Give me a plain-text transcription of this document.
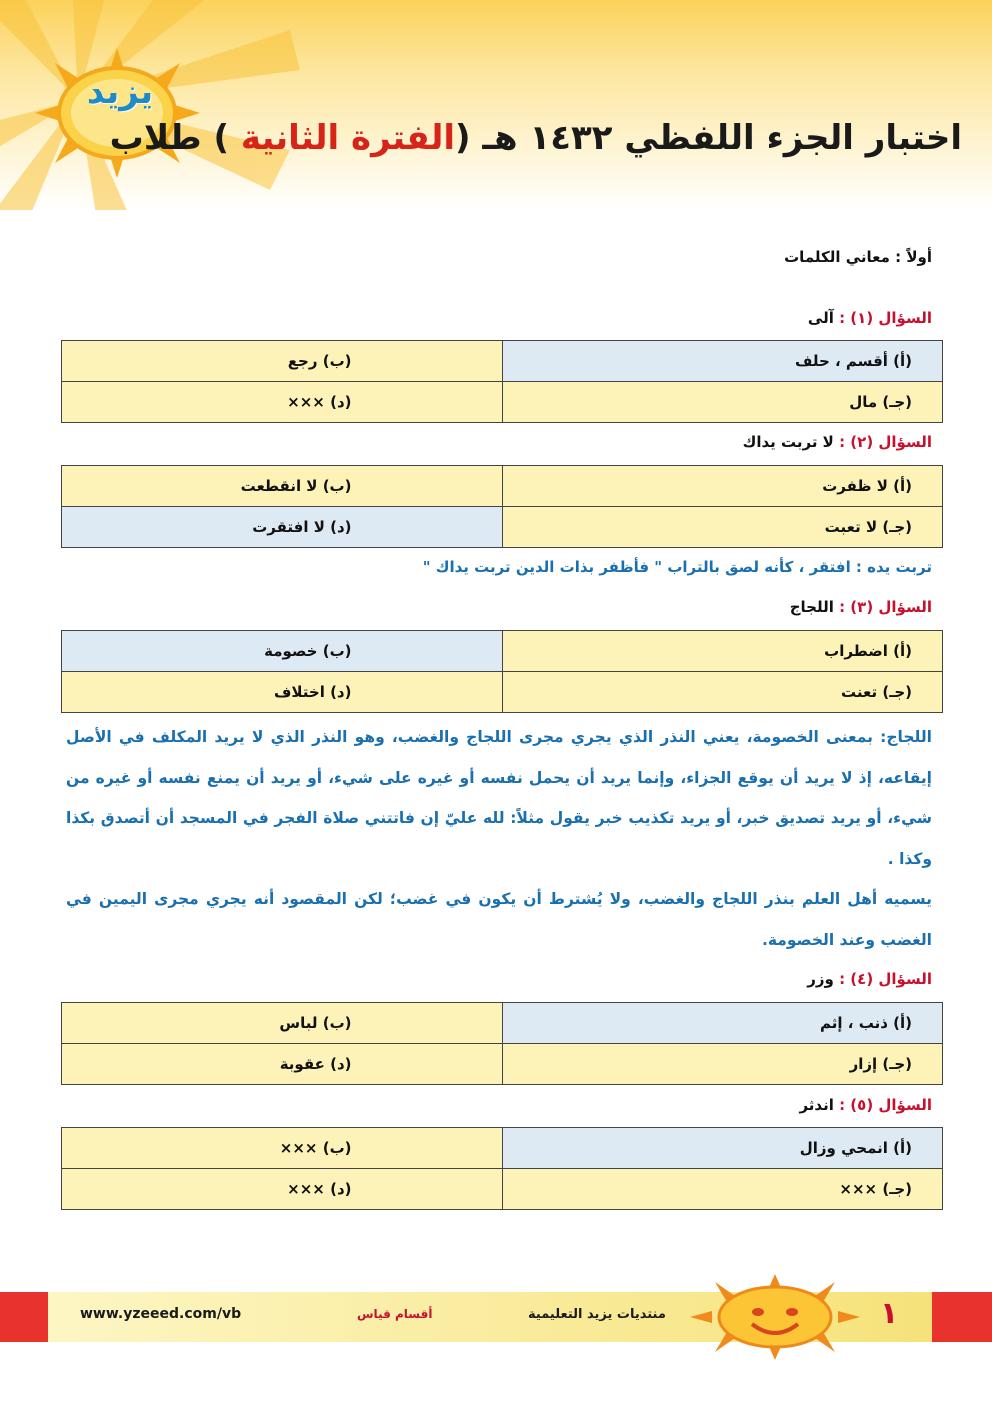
يزيد
اختبار الجزء اللفظي ١٤٣٢ هـ (الفترة الثانية ) طلاب
أولاً : معاني الكلمات
السؤال (١) : آلى
(أ) أقسم ، حلف	(ب) رجع
(جـ) مال	(د) ×××
السؤال (٢) : لا تربت يداك
(أ) لا ظفرت	(ب) لا انقطعت
(جـ) لا تعبت	(د) لا افتقرت
تربت يده : افتقر ، كأنه لصق بالتراب " فأظفر بذات الدين تربت يداك "
السؤال (٣) : اللجاج
(أ) اضطراب	(ب) خصومة
(جـ) تعنت	(د) اختلاف

اللجاج: بمعنى الخصومة، يعني النذر الذي يجري مجرى اللجاج والغضب، وهو النذر الذي لا يريد المكلف في الأصل إيقاعه، إذ لا يريد أن يوقع الجزاء، وإنما يريد أن يحمل نفسه أو غيره على شيء، أو يريد أن يمنع نفسه أو غيره من شيء، أو يريد تصديق خبر، أو يريد تكذيب خبر يقول مثلاً: لله عليّ إن فاتتني صلاة الفجر في المسجد أن أتصدق بكذا وكذا .

يسميه أهل العلم بنذر اللجاج والغضب، ولا يُشترط أن يكون في غضب؛ لكن المقصود أنه يجري مجرى اليمين في الغضب وعند الخصومة.

السؤال (٤) : وزر
(أ) ذنب ، إثم	(ب) لباس
(جـ) إزار	(د) عقوبة
السؤال (٥) : اندثر
(أ) انمحي وزال	(ب) ×××
(جـ) ×××	(د) ×××
www.yzeeed.com/vb	أقسام قياس	منتديات يزيد التعليمية	١
